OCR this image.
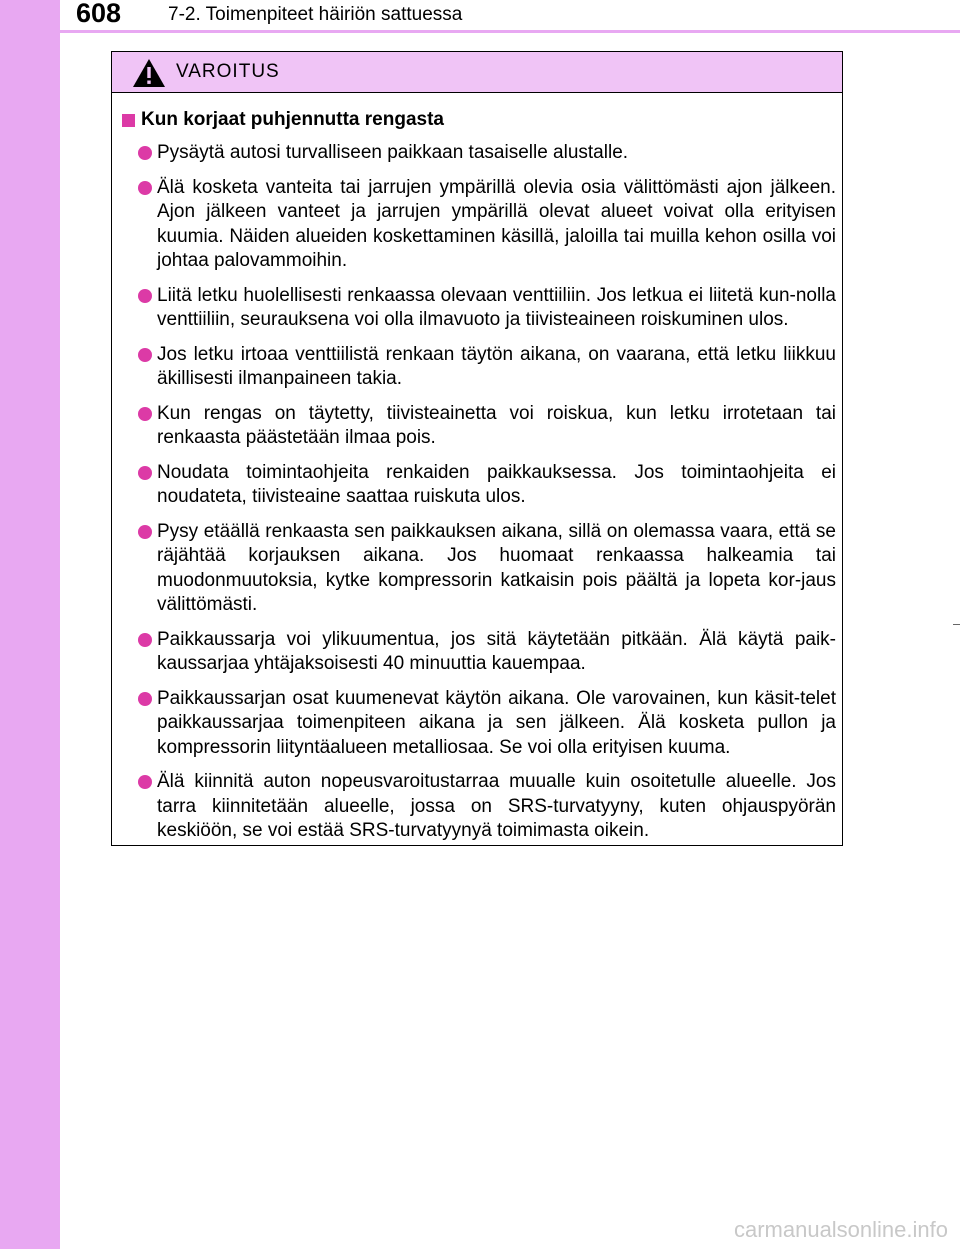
608 7-2. Toimenpiteet häiriön sattuessa
VAROITUS
Kun korjaat puhjennutta rengasta
Pysäytä autosi turvalliseen paikkaan tasaiselle alustalle.
Älä kosketa vanteita tai jarrujen ympärillä olevia osia välittömästi ajon jälkeen. Ajon jälkeen vanteet ja jarrujen ympärillä olevat alueet voivat olla erityisen kuumia. Näiden alueiden koskettaminen käsillä, jaloilla tai muilla kehon osilla voi johtaa palovammoihin.
Liitä letku huolellisesti renkaassa olevaan venttiiliin. Jos letkua ei liitetä kun-nolla venttiiliin, seurauksena voi olla ilmavuoto ja tiivisteaineen roiskuminen ulos.
Jos letku irtoaa venttiilistä renkaan täytön aikana, on vaarana, että letku liikkuu äkillisesti ilmanpaineen takia.
Kun rengas on täytetty, tiivisteainetta voi roiskua, kun letku irrotetaan tai renkaasta päästetään ilmaa pois.
Noudata toimintaohjeita renkaiden paikkauksessa. Jos toimintaohjeita ei noudateta, tiivisteaine saattaa ruiskuta ulos.
Pysy etäällä renkaasta sen paikkauksen aikana, sillä on olemassa vaara, että se räjähtää korjauksen aikana. Jos huomaat renkaassa halkeamia tai muodonmuutoksia, kytke kompressorin katkaisin pois päältä ja lopeta kor-jaus välittömästi.
Paikkaussarja voi ylikuumentua, jos sitä käytetään pitkään. Älä käytä paik-kaussarjaa yhtäjaksoisesti 40 minuuttia kauempaa.
Paikkaussarjan osat kuumenevat käytön aikana. Ole varovainen, kun käsit-telet paikkaussarjaa toimenpiteen aikana ja sen jälkeen. Älä kosketa pullon ja kompressorin liityntäalueen metalliosaa. Se voi olla erityisen kuuma.
Älä kiinnitä auton nopeusvaroitustarraa muualle kuin osoitetulle alueelle. Jos tarra kiinnitetään alueelle, jossa on SRS-turvatyyny, kuten ohjauspyörän keskiöön, se voi estää SRS-turvatyynyä toimimasta oikein.
carmanualsonline.info
